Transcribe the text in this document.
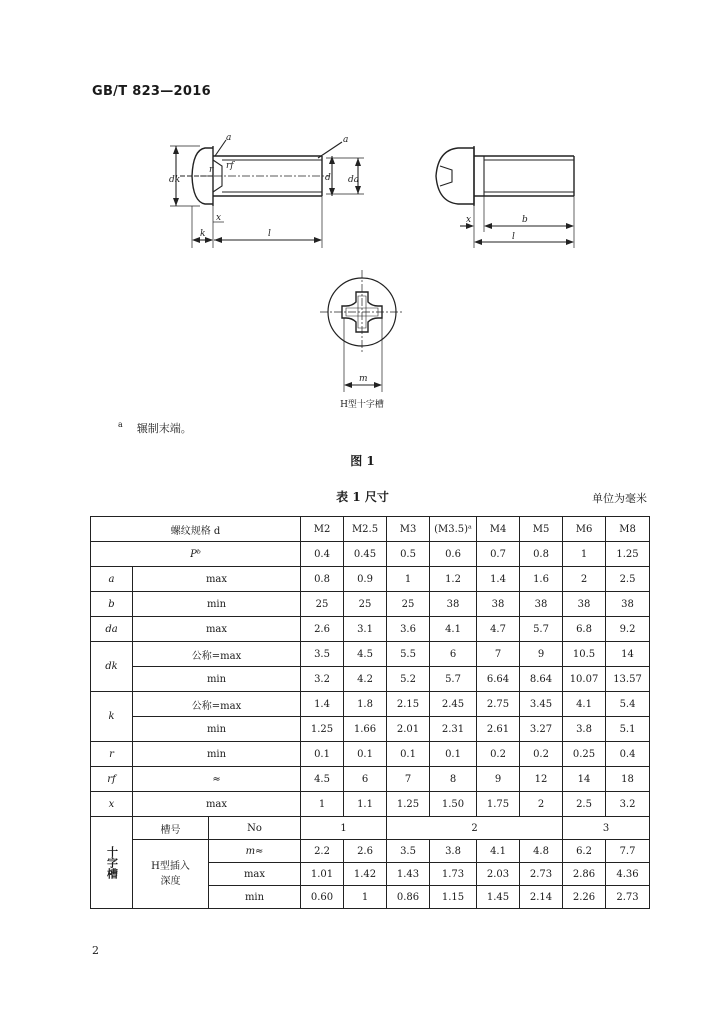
GB/T 823—2016
a	a
dk	d da
rf
r
x
k	l
x	b
l
m
H型十字槽
$^a$ 辗制末端。
图 1
表 1 尺寸	单位为毫米
螺纹规格 d			M2	M2.5	M3	(M3.5)ᵃ	M4	M5	M6	M8
Pᵇ			0.4	0.45	0.5	0.6	0.7	0.8	1	1.25
a	max		0.8	0.9	1	1.2	1.4	1.6	2	2.5
b	min		25	25	25	38	38	38	38	38
da	max		2.6	3.1	3.6	4.1	4.7	5.7	6.8	9.2
dk	公称=max		3.5	4.5	5.5	6	7	9	10.5	14
	min		3.2	4.2	5.2	5.7	6.64	8.64	10.07	13.57
k	公称=max		1.4	1.8	2.15	2.45	2.75	3.45	4.1	5.4
	min		1.25	1.66	2.01	2.31	2.61	3.27	3.8	5.1
r	min		0.1	0.1	0.1	0.1	0.2	0.2	0.25	0.4
rf	≈		4.5	6	7	8	9	12	14	18
x	max		1	1.1	1.25	1.50	1.75	2	2.5	3.2
十字槽	槽号	No	1		2				3	
	H型插入深度	m≈	2.2	2.6	3.5	3.8	4.1	4.8	6.2	7.7
		max	1.01	1.42	1.43	1.73	2.03	2.73	2.86	4.36
		min	0.60	1	0.86	1.15	1.45	2.14	2.26	2.73
2
